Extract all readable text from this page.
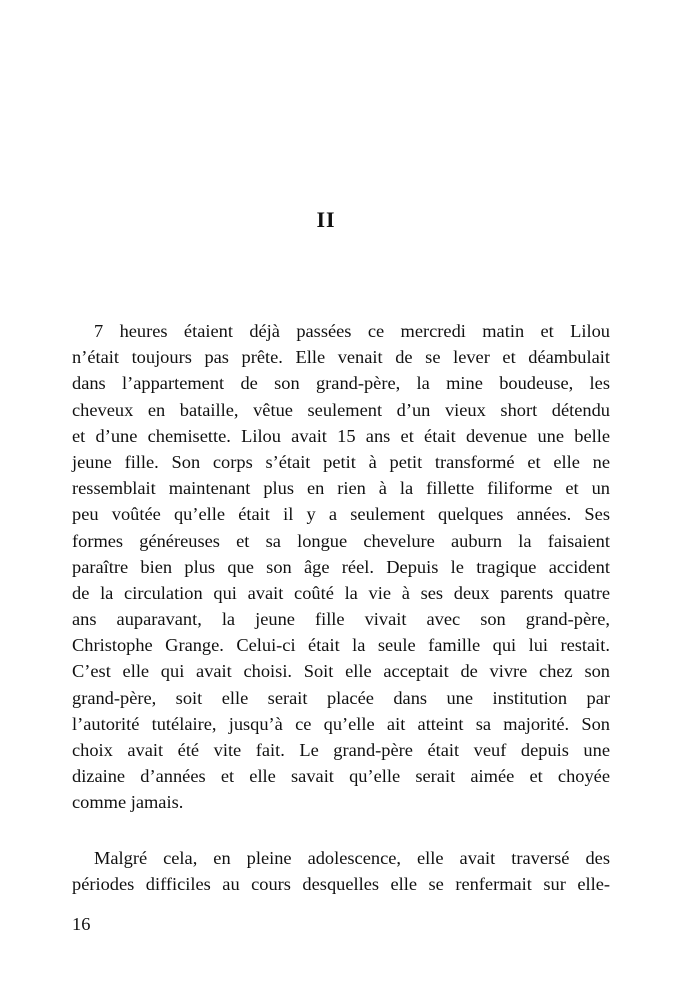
II
7 heures étaient déjà passées ce mercredi matin et Lilou
n’était toujours pas prête. Elle venait de se lever et déambulait
dans l’appartement de son grand-père, la mine boudeuse, les
cheveux en bataille, vêtue seulement d’un vieux short détendu
et d’une chemisette. Lilou avait 15 ans et était devenue une belle
jeune fille. Son corps s’était petit à petit transformé et elle ne
ressemblait maintenant plus en rien à la fillette filiforme et un
peu voûtée qu’elle était il y a seulement quelques années. Ses
formes généreuses et sa longue chevelure auburn la faisaient
paraître bien plus que son âge réel. Depuis le tragique accident
de la circulation qui avait coûté la vie à ses deux parents quatre
ans auparavant, la jeune fille vivait avec son grand-père,
Christophe Grange. Celui-ci était la seule famille qui lui restait.
C’est elle qui avait choisi. Soit elle acceptait de vivre chez son
grand-père, soit elle serait placée dans une institution par
l’autorité tutélaire, jusqu’à ce qu’elle ait atteint sa majorité. Son
choix avait été vite fait. Le grand-père était veuf depuis une
dizaine d’années et elle savait qu’elle serait aimée et choyée
comme jamais.
Malgré cela, en pleine adolescence, elle avait traversé des
périodes difficiles au cours desquelles elle se renfermait sur elle-
16
